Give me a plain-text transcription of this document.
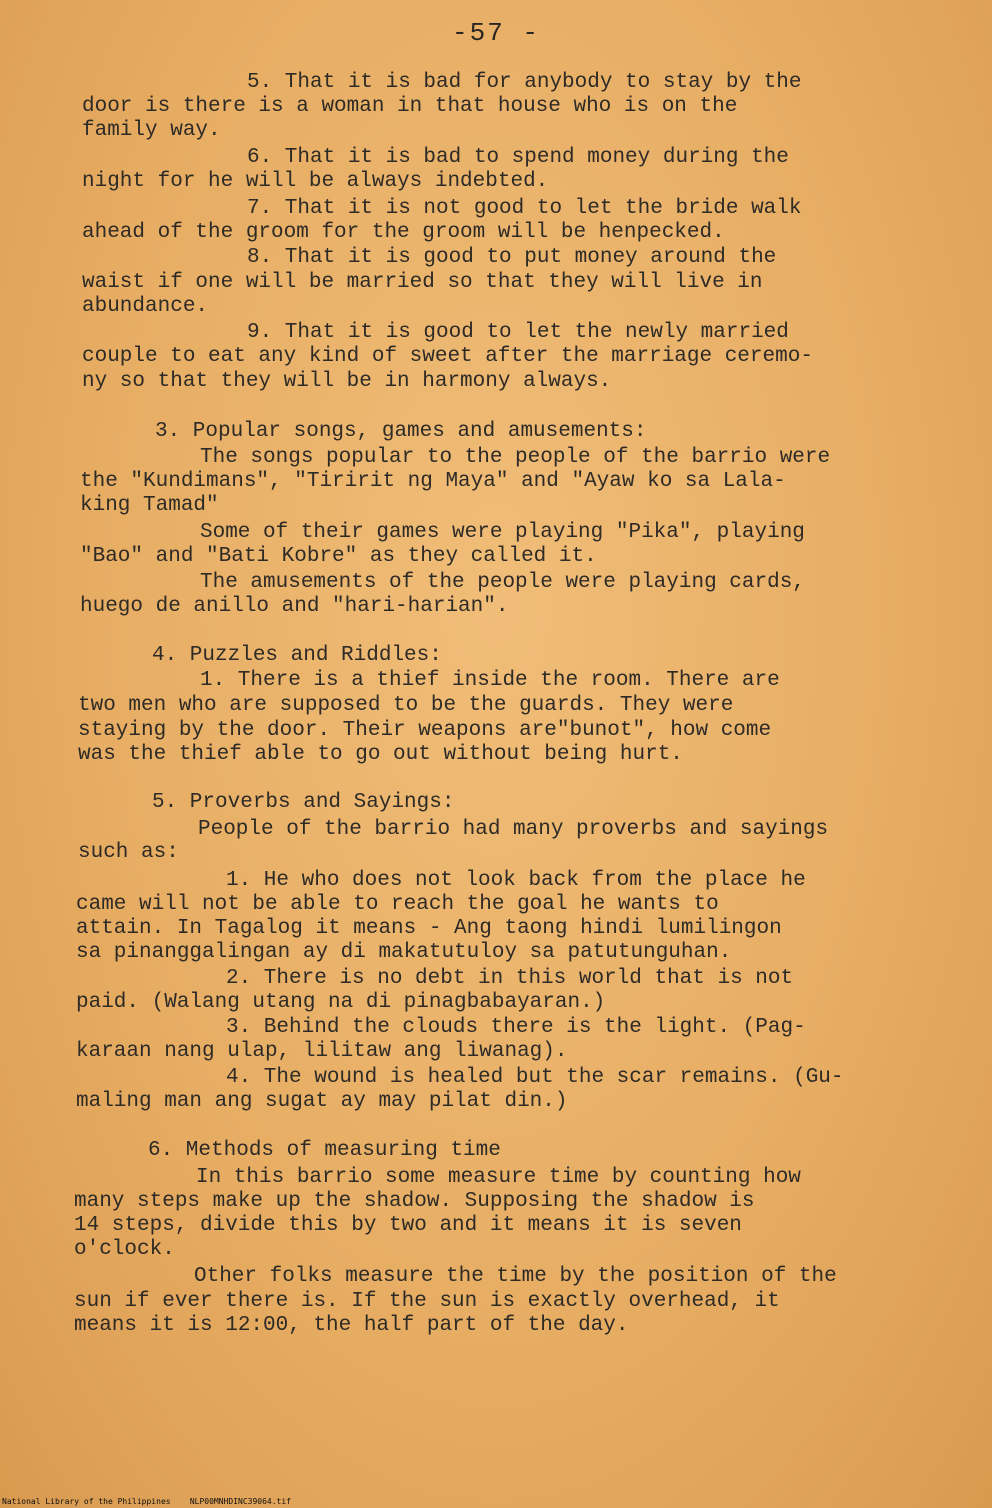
-57 -
5. That it is bad for anybody to stay by the
door is there is a woman in that house who is on the
family way.
6. That it is bad to spend money during the
night for he will be always indebted.
7. That it is not good to let the bride walk
ahead of the groom for the groom will be henpecked.
8. That it is good to put money around the
waist if one will be married so that they will live in
abundance.
9. That it is good to let the newly married
couple to eat any kind of sweet after the marriage ceremo-
ny so that they will be in harmony always.
3. Popular songs, games and amusements:
The songs popular to the people of the barrio were
the "Kundimans", "Tiririt ng Maya" and "Ayaw ko sa Lala-
king Tamad"
Some of their games were playing "Pika", playing
"Bao" and "Bati Kobre" as they called it.
The amusements of the people were playing cards,
huego de anillo and "hari-harian".
4. Puzzles and Riddles:
1. There is a thief inside the room. There are
two men who are supposed to be the guards. They were
staying by the door. Their weapons are"bunot", how come
was the thief able to go out without being hurt.
5. Proverbs and Sayings:
People of the barrio had many proverbs and sayings
such as:
1. He who does not look back from the place he
came will not be able to reach the goal he wants to
attain. In Tagalog it means - Ang taong hindi lumilingon
sa pinanggalingan ay di makatutuloy sa patutunguhan.
2. There is no debt in this world that is not
paid. (Walang utang na di pinagbabayaran.)
3. Behind the clouds there is the light. (Pag-
karaan nang ulap, lilitaw ang liwanag).
4. The wound is healed but the scar remains. (Gu-
maling man ang sugat ay may pilat din.)
6. Methods of measuring time
In this barrio some measure time by counting how
many steps make up the shadow. Supposing the shadow is
14 steps, divide this by two and it means it is seven
o'clock.
Other folks measure the time by the position of the
sun if ever there is. If the sun is exactly overhead, it
means it is 12:00, the half part of the day.
National Library of the Philippines    NLP00MNHDINC39064.tif
